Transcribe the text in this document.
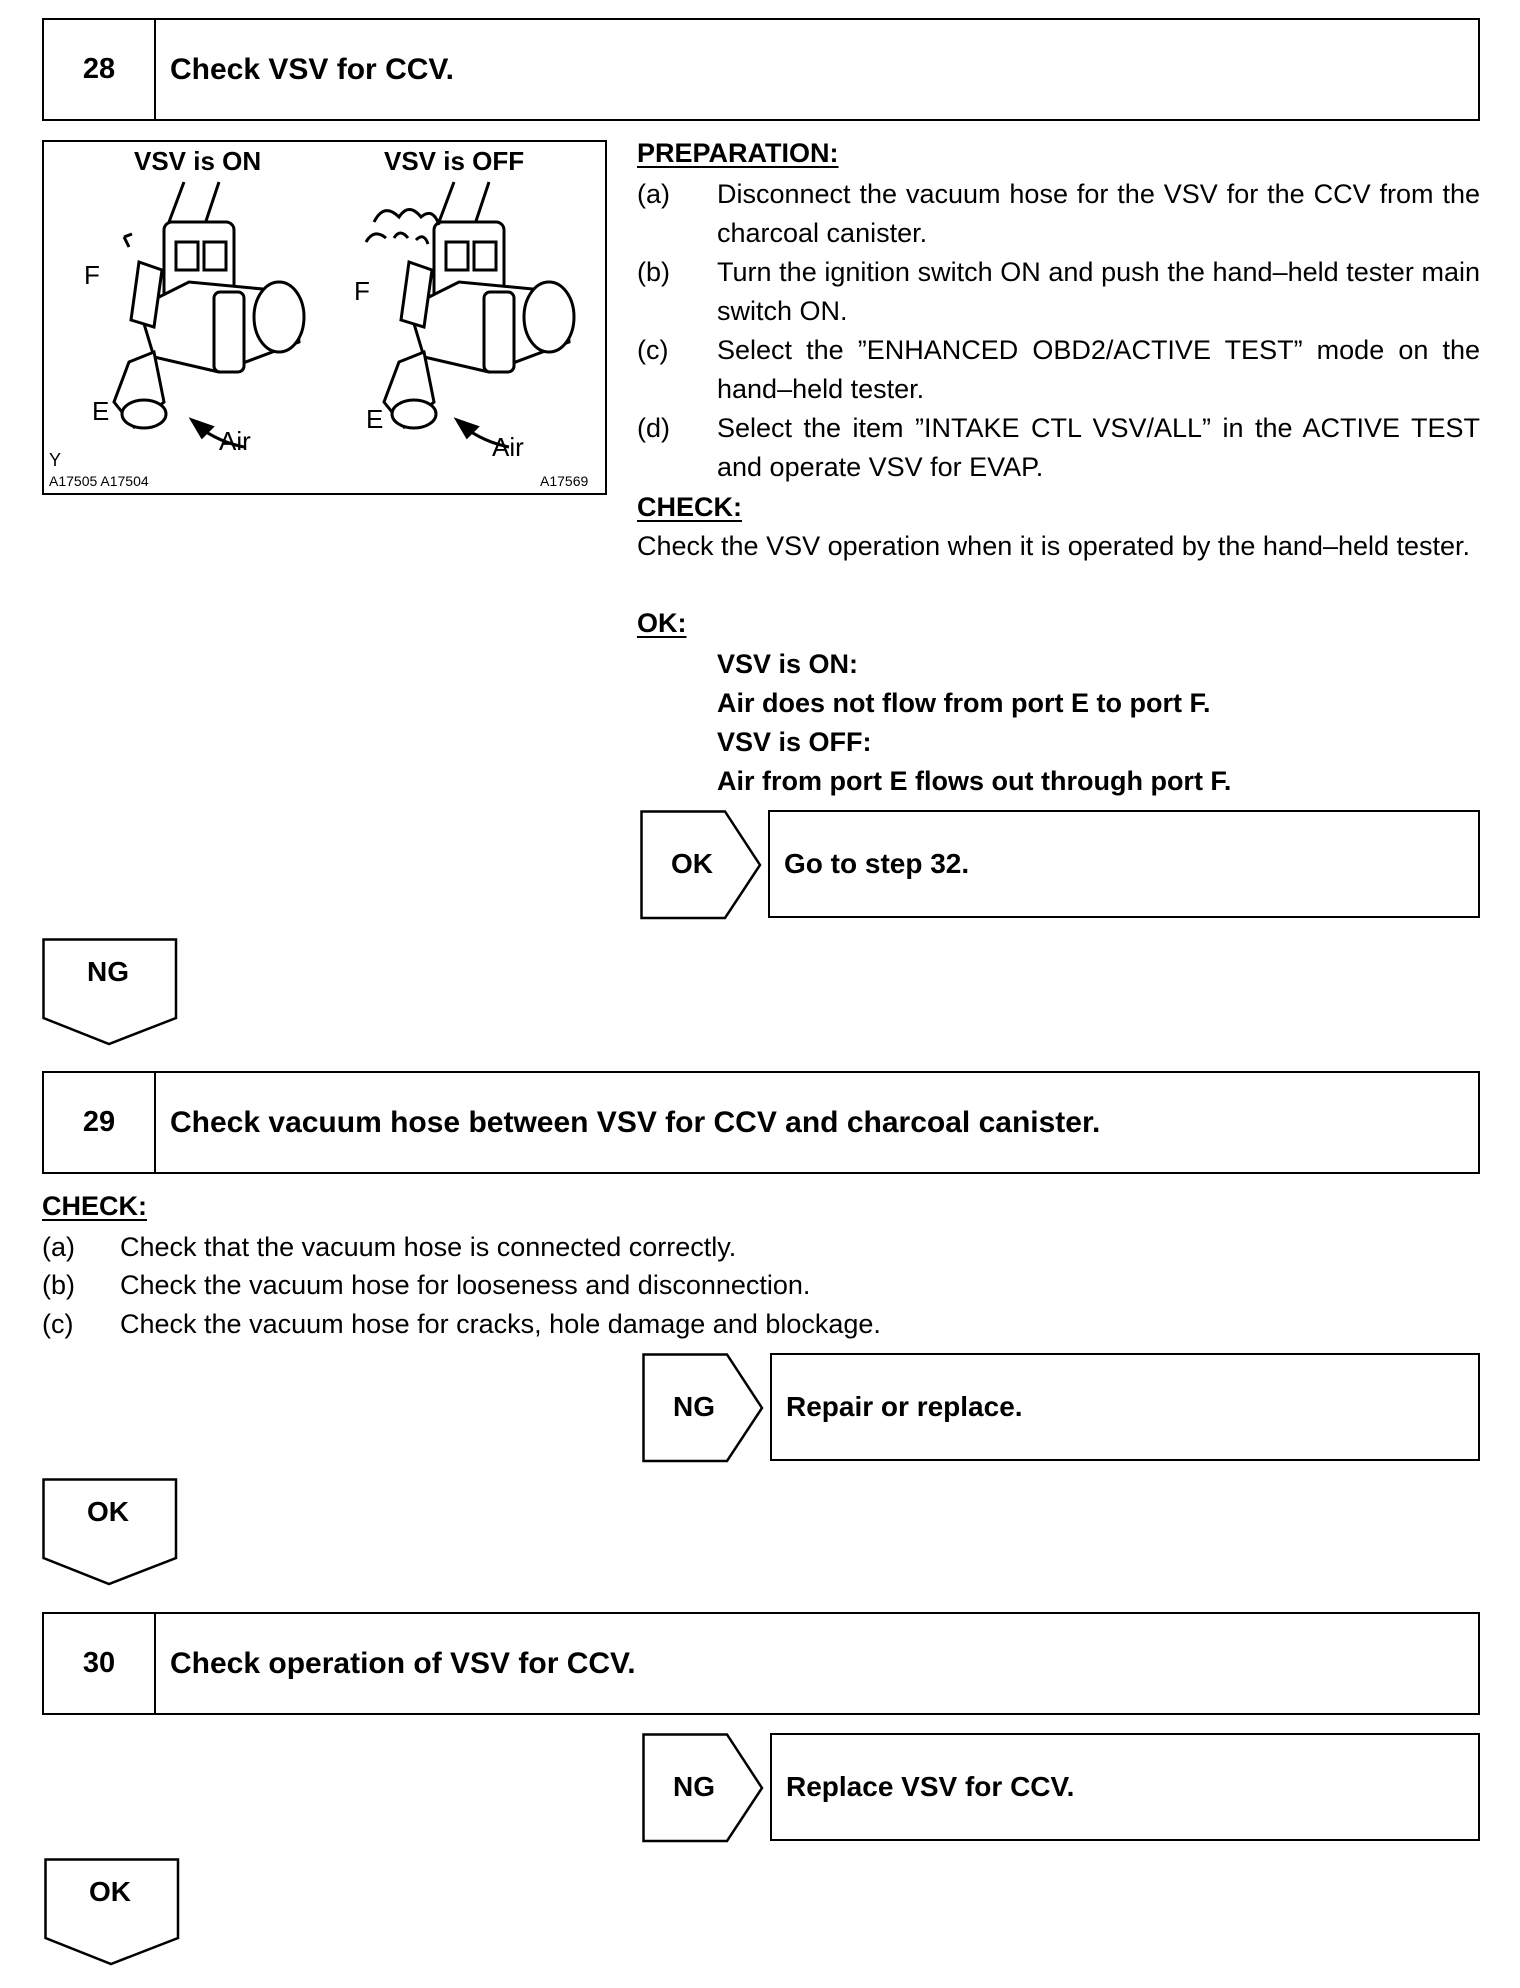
28	Check VSV for CCV.
VSV is ON	VSV is OFF
F
F
E	E
Air	Air
Y
A17505 A17504	A17569
PREPARATION:
(a) Disconnect the vacuum hose for the VSV for the CCV from the charcoal canister.
(b) Turn the ignition switch ON and push the hand–held tester main switch ON.
(c) Select the ”ENHANCED OBD2/ACTIVE TEST” mode on the hand–held tester.
(d) Select the item ”INTAKE CTL VSV/ALL” in the ACTIVE TEST and operate VSV for EVAP.
CHECK:
Check the VSV operation when it is operated by the hand–held tester.
OK:
VSV is ON:
Air does not flow from port E to port F.
VSV is OFF:
Air from port E flows out through port F.
OK	Go to step 32.
NG
29	Check vacuum hose between VSV for CCV and charcoal canister.
CHECK:
(a) Check that the vacuum hose is connected correctly.
(b) Check the vacuum hose for looseness and disconnection.
(c) Check the vacuum hose for cracks, hole damage and blockage.
NG	Repair or replace.
OK
30	Check operation of VSV for CCV.
NG	Replace VSV for CCV.
OK
